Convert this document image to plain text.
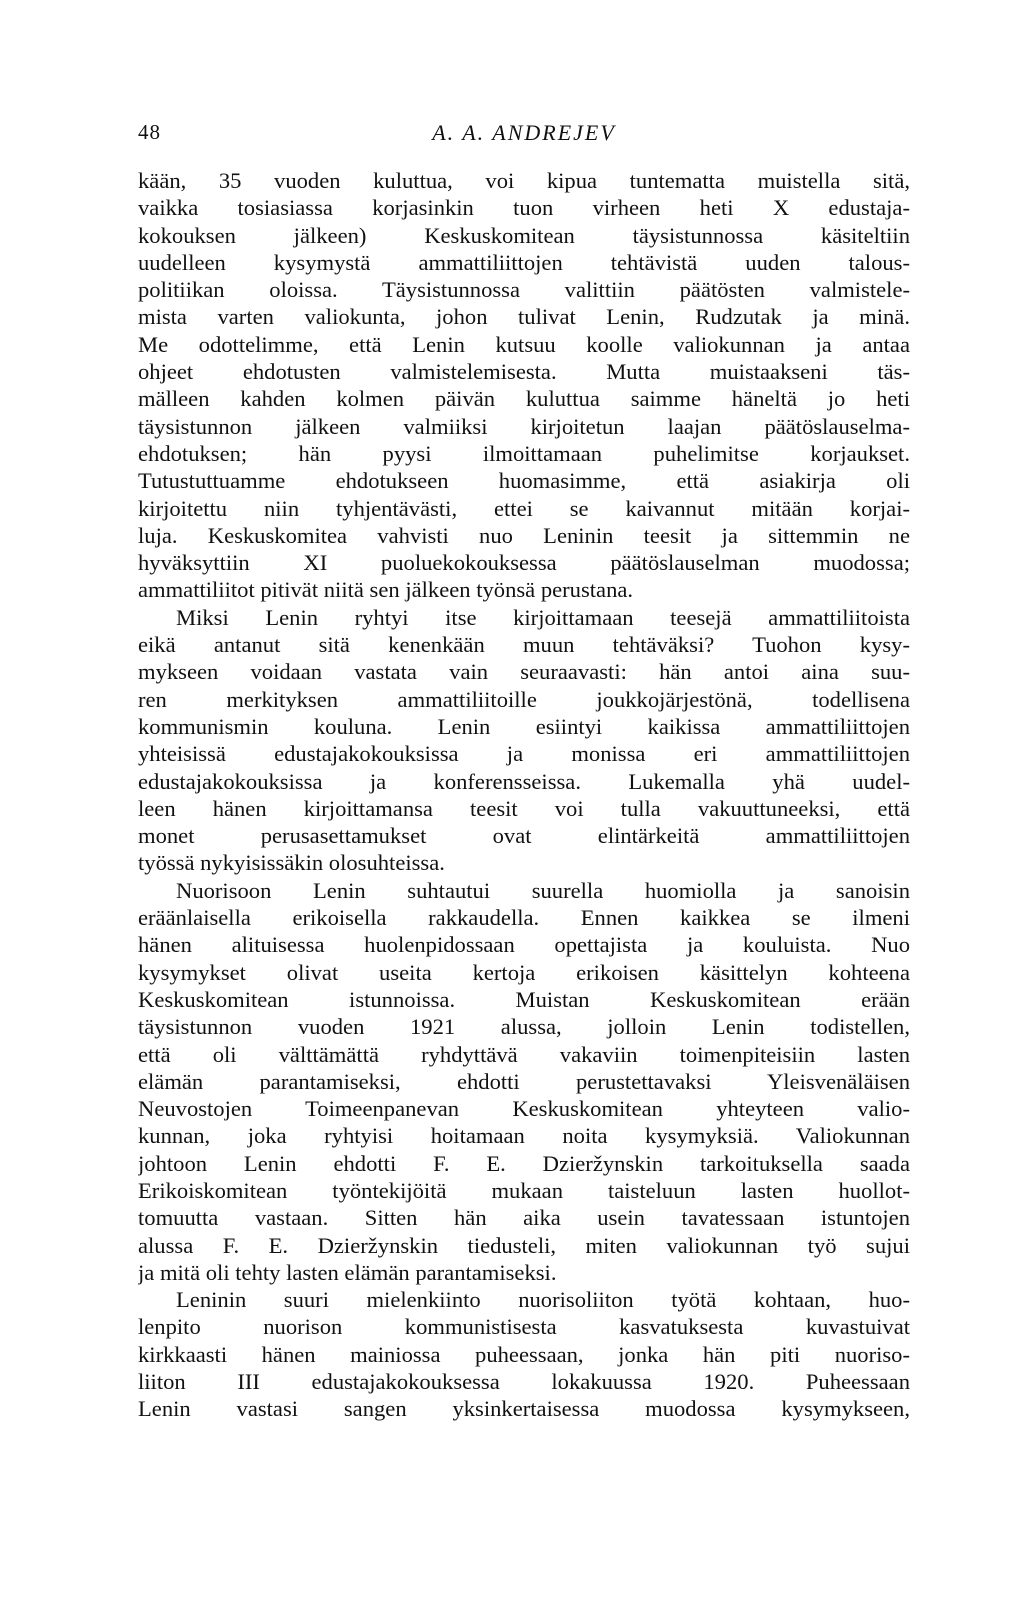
48	A. A. ANDREJEV
kään, 35 vuoden kuluttua, voi kipua tuntematta muistella sitä,
vaikka tosiasiassa korjasinkin tuon virheen heti X edustaja-
kokouksen jälkeen) Keskuskomitean täysistunnossa käsiteltiin
uudelleen kysymystä ammattiliittojen tehtävistä uuden talous-
politiikan oloissa. Täysistunnossa valittiin päätösten valmistele-
mista varten valiokunta, johon tulivat Lenin, Rudzutak ja minä.
Me odottelimme, että Lenin kutsuu koolle valiokunnan ja antaa
ohjeet ehdotusten valmistelemisesta. Mutta muistaakseni täs-
mälleen kahden kolmen päivän kuluttua saimme häneltä jo heti
täysistunnon jälkeen valmiiksi kirjoitetun laajan päätöslauselma-
ehdotuksen; hän pyysi ilmoittamaan puhelimitse korjaukset.
Tutustuttuamme ehdotukseen huomasimme, että asiakirja oli
kirjoitettu niin tyhjentävästi, ettei se kaivannut mitään korjai-
luja. Keskuskomitea vahvisti nuo Leninin teesit ja sittemmin ne
hyväksyttiin XI puoluekokouksessa päätöslauselman muodossa;
ammattiliitot pitivät niitä sen jälkeen työnsä perustana.
Miksi Lenin ryhtyi itse kirjoittamaan teesejä ammattiliitoista
eikä antanut sitä kenenkään muun tehtäväksi? Tuohon kysy-
mykseen voidaan vastata vain seuraavasti: hän antoi aina suu-
ren merkityksen ammattiliitoille joukkojärjestönä, todellisena
kommunismin kouluna. Lenin esiintyi kaikissa ammattiliittojen
yhteisissä edustajakokouksissa ja monissa eri ammattiliittojen
edustajakokouksissa ja konferensseissa. Lukemalla yhä uudel-
leen hänen kirjoittamansa teesit voi tulla vakuuttuneeksi, että
monet perusasettamukset ovat elintärkeitä ammattiliittojen
työssä nykyisissäkin olosuhteissa.
Nuorisoon Lenin suhtautui suurella huomiolla ja sanoisin
eräänlaisella erikoisella rakkaudella. Ennen kaikkea se ilmeni
hänen alituisessa huolenpidossaan opettajista ja kouluista. Nuo
kysymykset olivat useita kertoja erikoisen käsittelyn kohteena
Keskuskomitean istunnoissa. Muistan Keskuskomitean erään
täysistunnon vuoden 1921 alussa, jolloin Lenin todistellen,
että oli välttämättä ryhdyttävä vakaviin toimenpiteisiin lasten
elämän parantamiseksi, ehdotti perustettavaksi Yleisvenäläisen
Neuvostojen Toimeenpanevan Keskuskomitean yhteyteen valio-
kunnan, joka ryhtyisi hoitamaan noita kysymyksiä. Valiokunnan
johtoon Lenin ehdotti F. E. Dzieržynskin tarkoituksella saada
Erikoiskomitean työntekijöitä mukaan taisteluun lasten huollot-
tomuutta vastaan. Sitten hän aika usein tavatessaan istuntojen
alussa F. E. Dzieržynskin tiedusteli, miten valiokunnan työ sujui
ja mitä oli tehty lasten elämän parantamiseksi.
Leninin suuri mielenkiinto nuorisoliiton työtä kohtaan, huo-
lenpito nuorison kommunistisesta kasvatuksesta kuvastuivat
kirkkaasti hänen mainiossa puheessaan, jonka hän piti nuoriso-
liiton III edustajakokouksessa lokakuussa 1920. Puheessaan
Lenin vastasi sangen yksinkertaisessa muodossa kysymykseen,
